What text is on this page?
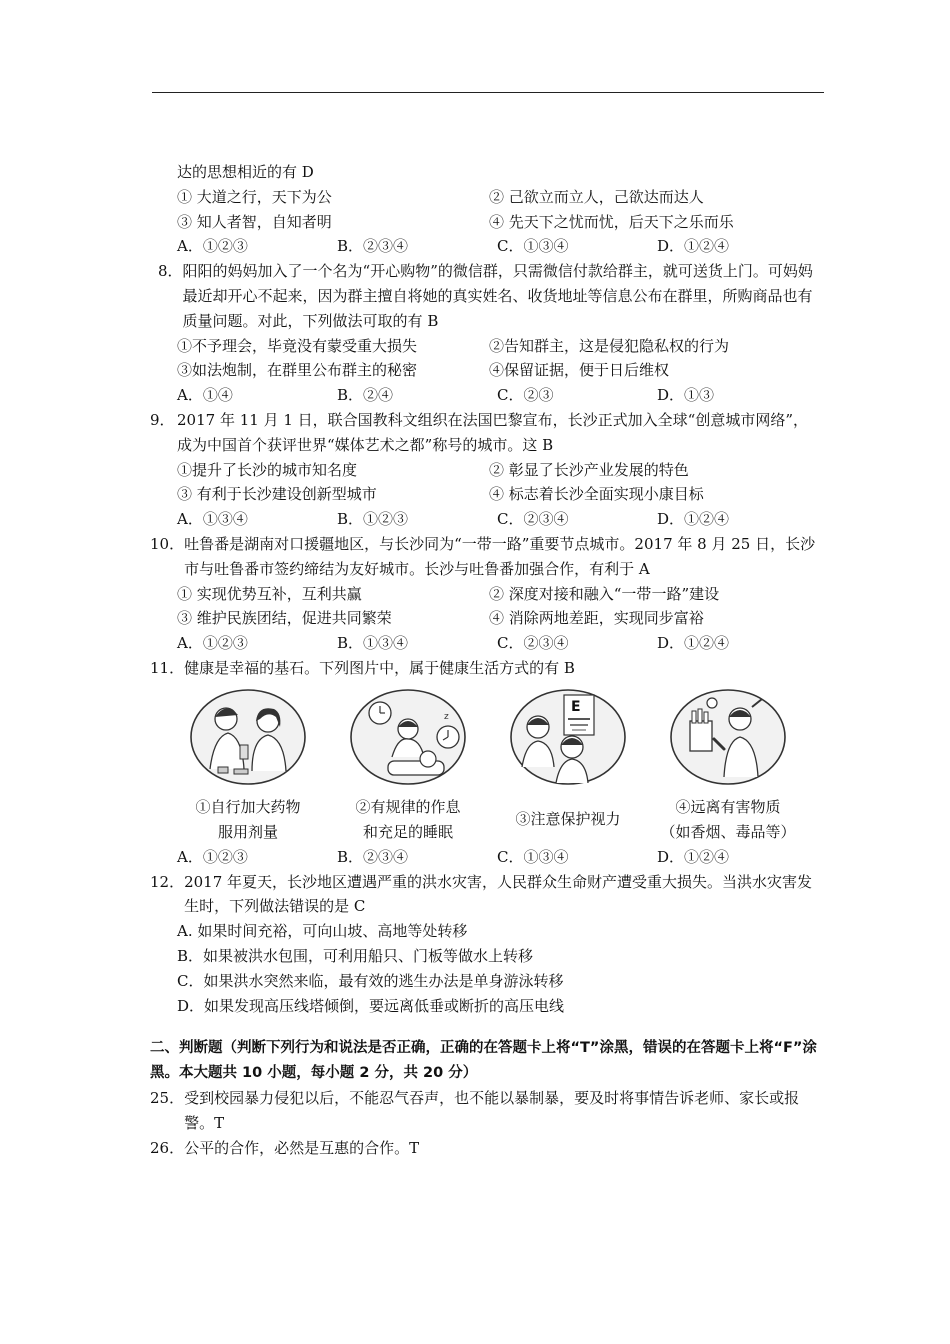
达的思想相近的有 D
① 大道之行，天下为公	② 己欲立而立人，己欲达而达人
③ 知人者智，自知者明	④ 先天下之忧而忧，后天下之乐而乐
A．①②③	B．②③④	C．①③④	D．①②④
8． 阳阳的妈妈加入了一个名为“开心购物”的微信群，只需微信付款给群主，就可送货上门。可妈妈最近却开心不起来，因为群主擅自将她的真实姓名、收货地址等信息公布在群里，所购商品也有质量问题。对此，下列做法可取的有 B
①不予理会，毕竟没有蒙受重大损失	②告知群主，这是侵犯隐私权的行为
③如法炮制，在群里公布群主的秘密	④保留证据，便于日后维权
A．①④	B．②④	C．②③	D．①③
9． 2017 年 11 月 1 日，联合国教科文组织在法国巴黎宣布，长沙正式加入全球“创意城市网络”，成为中国首个获评世界“媒体艺术之都”称号的城市。这 B
①提升了长沙的城市知名度	② 彰显了长沙产业发展的特色
③ 有利于长沙建设创新型城市	④ 标志着长沙全面实现小康目标
A．①③④	B．①②③	C．②③④	D．①②④
10． 吐鲁番是湖南对口援疆地区，与长沙同为“一带一路”重要节点城市。2017 年 8 月 25 日，长沙市与吐鲁番市签约缔结为友好城市。长沙与吐鲁番加强合作，有利于 A
① 实现优势互补，互利共赢	② 深度对接和融入“一带一路”建设
③ 维护民族团结，促进共同繁荣	④ 消除两地差距，实现同步富裕
A．①②③	B．①③④	C．②③④	D．①②④
11． 健康是幸福的基石。下列图片中，属于健康生活方式的有 B
①自行加大药物
服用剂量
z
②有规律的作息
和充足的睡眠
E
③注意保护视力
④远离有害物质
（如香烟、毒品等）
A．①②③	B．②③④	C．①③④	D．①②④
12． 2017 年夏天，长沙地区遭遇严重的洪水灾害，人民群众生命财产遭受重大损失。当洪水灾害发生时，下列做法错误的是 C
A. 如果时间充裕，可向山坡、高地等处转移
B．如果被洪水包围，可利用船只、门板等做水上转移
C．如果洪水突然来临，最有效的逃生办法是单身游泳转移
D．如果发现高压线塔倾倒，要远离低垂或断折的高压电线
二、判断题（判断下列行为和说法是否正确，正确的在答题卡上将“T”涂黑，错误的在答题卡上将“F”涂黑。本大题共 10 小题，每小题 2 分，共 20 分）
25． 受到校园暴力侵犯以后，不能忍气吞声，也不能以暴制暴，要及时将事情告诉老师、家长或报警。T
26． 公平的合作，必然是互惠的合作。T
